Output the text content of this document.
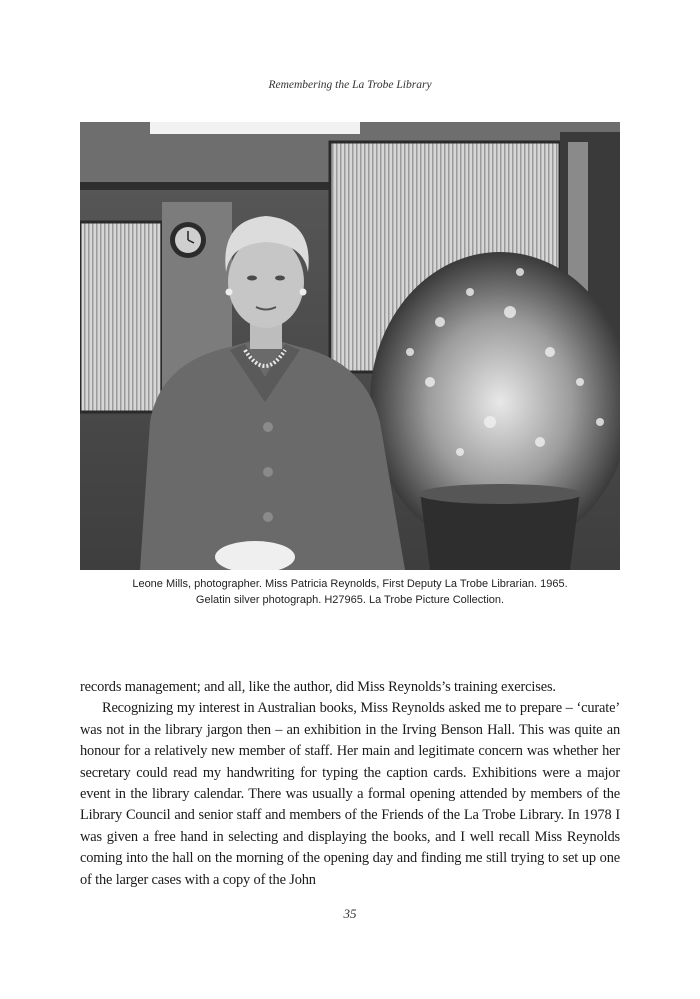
Remembering the La Trobe Library
Leone Mills, photographer. Miss Patricia Reynolds, First Deputy La Trobe Librarian. 1965.
Gelatin silver photograph. H27965. La Trobe Picture Collection.

records management; and all, like the author, did Miss Reynolds’s training exercises.

Recognizing my interest in Australian books, Miss Reynolds asked me to prepare – ‘curate’ was not in the library jargon then – an exhibition in the Irving Benson Hall. This was quite an honour for a relatively new member of staff. Her main and legitimate concern was whether her secretary could read my handwriting for typing the caption cards. Exhibitions were a major event in the library calendar. There was usually a formal opening attended by members of the Library Council and senior staff and members of the Friends of the La Trobe Library. In 1978 I was given a free hand in selecting and displaying the books, and I well recall Miss Reynolds coming into the hall on the morning of the opening day and finding me still trying to set up one of the larger cases with a copy of the John

35
